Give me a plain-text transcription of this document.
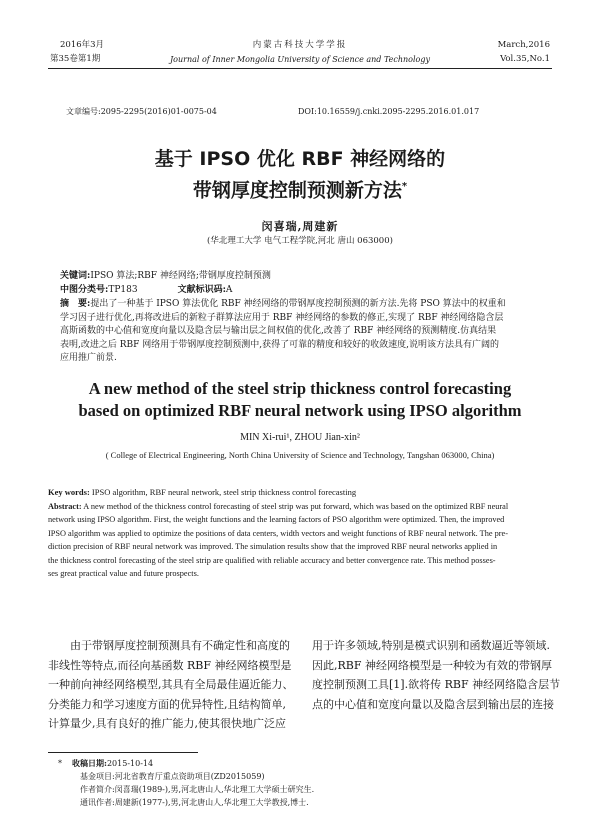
2016年3月
第35卷第1期
内蒙古科技大学学报
Journal of Inner Mongolia University of Science and Technology
March,2016
Vol.35,No.1
文章编号:2095-2295(2016)01-0075-04	DOI:10.16559/j.cnki.2095-2295.2016.01.017
基于 IPSO 优化 RBF 神经网络的
带钢厚度控制预测新方法*
闵喜瑞,周建新
(华北理工大学 电气工程学院,河北 唐山 063000)
关键词:IPSO 算法;RBF 神经网络;带钢厚度控制预测
中图分类号:TP183	文献标识码:A
摘　要:提出了一种基于 IPSO 算法优化 RBF 神经网络的带钢厚度控制预测的新方法.先将 PSO 算法中的权重和
学习因子进行优化,再将改进后的新粒子群算法应用于 RBF 神经网络的参数的修正,实现了 RBF 神经网络隐含层
高斯函数的中心值和宽度向量以及隐含层与输出层之间权值的优化,改善了 RBF 神经网络的预测精度.仿真结果
表明,改进之后 RBF 网络用于带钢厚度控制预测中,获得了可靠的精度和较好的收敛速度,说明该方法具有广阔的
应用推广前景.
A new method of the steel strip thickness control forecasting
based on optimized RBF neural network using IPSO algorithm
MIN Xi-rui¹, ZHOU Jian-xin²
( College of Electrical Engineering, North China University of Science and Technology, Tangshan 063000, China)
Key words: IPSO algorithm, RBF neural network, steel strip thickness control forecasting
Abstract: A new method of the thickness control forecasting of steel strip was put forward, which was based on the optimized RBF neural
network using IPSO algorithm. First, the weight functions and the learning factors of PSO algorithm were optimized. Then, the improved
IPSO algorithm was applied to optimize the positions of data centers, width vectors and weight functions of RBF neural network. The pre-
diction precision of RBF neural network was improved. The simulation results show that the improved RBF neural networks applied in
the thickness control forecasting of the steel strip are qualified with reliable accuracy and better convergence rate. This method posses-
ses great practical value and future prospects.
由于带钢厚度控制预测具有不确定性和高度的
非线性等特点,而径向基函数 RBF 神经网络模型是
一种前向神经网络模型,其具有全局最佳逼近能力、
分类能力和学习速度方面的优异特性,且结构简单,
计算量少,具有良好的推广能力,使其很快地广泛应
用于许多领域,特别是模式识别和函数逼近等领域.
因此,RBF 神经网络模型是一种较为有效的带钢厚
度控制预测工具[1].欲将传 RBF 神经网络隐含层节
点的中心值和宽度向量以及隐含层到输出层的连接
* 收稿日期:2015-10-14
基金项目:河北省教育厅重点资助项目(ZD2015059)
作者简介:闵喜瑞(1989-),男,河北唐山人,华北理工大学硕士研究生.
通讯作者:周建新(1977-),男,河北唐山人,华北理工大学教授,博士.
